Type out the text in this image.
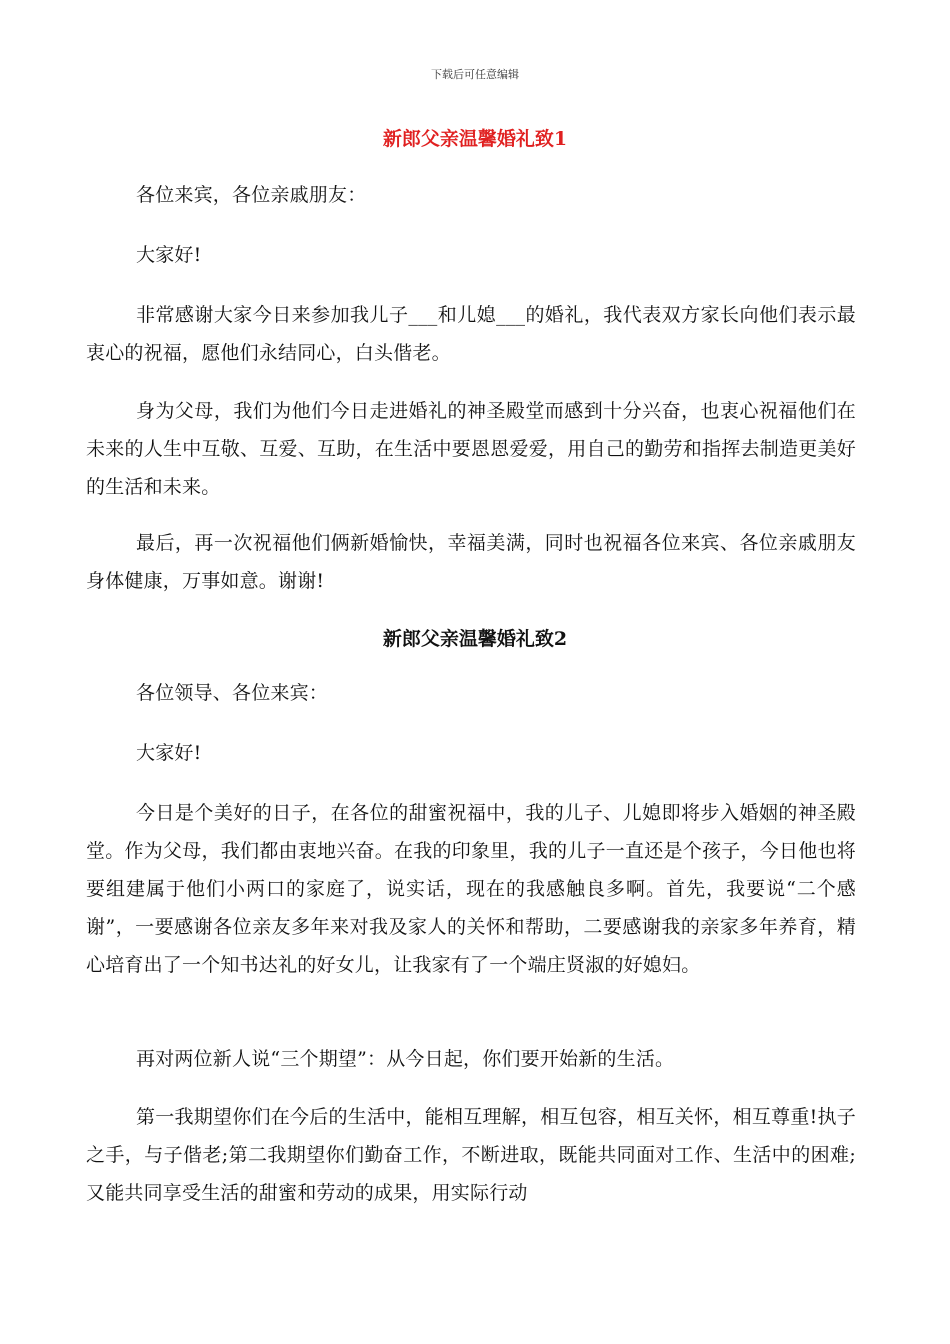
下载后可任意编辑
新郎父亲温馨婚礼致1

各位来宾，各位亲戚朋友：

大家好!

非常感谢大家今日来参加我儿子___和儿媳___的婚礼，我代表双方家长向他们表示最衷心的祝福，愿他们永结同心，白头偕老。

身为父母，我们为他们今日走进婚礼的神圣殿堂而感到十分兴奋，也衷心祝福他们在未来的人生中互敬、互爱、互助，在生活中要恩恩爱爱，用自己的勤劳和指挥去制造更美好的生活和未来。

最后，再一次祝福他们俩新婚愉快，幸福美满，同时也祝福各位来宾、各位亲戚朋友身体健康，万事如意。谢谢!

新郎父亲温馨婚礼致2

各位领导、各位来宾：

大家好!

今日是个美好的日子，在各位的甜蜜祝福中，我的儿子、儿媳即将步入婚姻的神圣殿堂。作为父母，我们都由衷地兴奋。在我的印象里，我的儿子一直还是个孩子，今日他也将要组建属于他们小两口的家庭了，说实话，现在的我感触良多啊。首先，我要说“二个感谢”，一要感谢各位亲友多年来对我及家人的关怀和帮助，二要感谢我的亲家多年养育，精心培育出了一个知书达礼的好女儿，让我家有了一个端庄贤淑的好媳妇。

再对两位新人说“三个期望”：从今日起，你们要开始新的生活。

第一我期望你们在今后的生活中，能相互理解，相互包容，相互关怀，相互尊重!执子之手，与子偕老;第二我期望你们勤奋工作，不断进取，既能共同面对工作、生活中的困难;又能共同享受生活的甜蜜和劳动的成果，用实际行动
